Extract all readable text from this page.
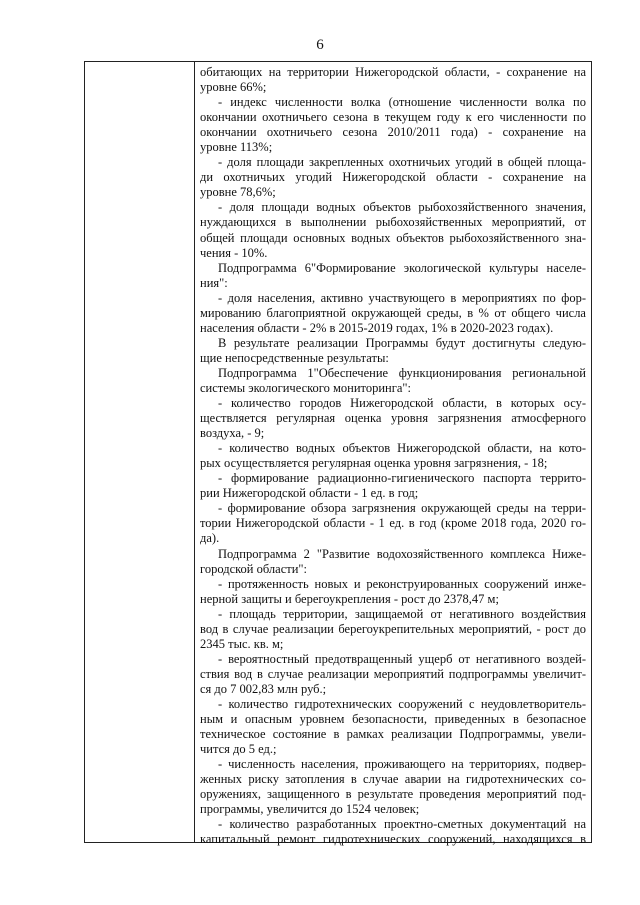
6
обитающих на территории Нижегородской области, - сохранение на
уровне 66%;
- индекс численности волка (отношение численности волка по
окончании охотничьего сезона в текущем году к его численности по
окончании охотничьего сезона 2010/2011 года) - сохранение на
уровне 113%;
- доля площади закрепленных охотничьих угодий в общей площа-
ди охотничьих угодий Нижегородской области - сохранение на
уровне 78,6%;
- доля площади водных объектов рыбохозяйственного значения,
нуждающихся в выполнении рыбохозяйственных мероприятий, от
общей площади основных водных объектов рыбохозяйственного зна-
чения - 10%.
Подпрограмма 6"Формирование экологической культуры населе-
ния":
- доля населения, активно участвующего в мероприятиях по фор-
мированию благоприятной окружающей среды, в % от общего числа
населения области - 2% в 2015-2019 годах, 1% в 2020-2023 годах).
В результате реализации Программы будут достигнуты следую-
щие непосредственные результаты:
Подпрограмма 1"Обеспечение функционирования региональной
системы экологического мониторинга":
- количество городов Нижегородской области, в которых осу-
ществляется регулярная оценка уровня загрязнения атмосферного
воздуха, - 9;
- количество водных объектов Нижегородской области, на кото-
рых осуществляется регулярная оценка уровня загрязнения, - 18;
- формирование радиационно-гигиенического паспорта террито-
рии Нижегородской области - 1 ед. в год;
- формирование обзора загрязнения окружающей среды на терри-
тории Нижегородской области - 1 ед. в год (кроме 2018 года, 2020 го-
да).
Подпрограмма 2 "Развитие водохозяйственного комплекса Ниже-
городской области":
- протяженность новых и реконструированных сооружений инже-
нерной защиты и берегоукрепления - рост до 2378,47 м;
- площадь территории, защищаемой от негативного воздействия
вод в случае реализации берегоукрепительных мероприятий, - рост до
2345 тыс. кв. м;
- вероятностный предотвращенный ущерб от негативного воздей-
ствия вод в случае реализации мероприятий подпрограммы увеличит-
ся до 7 002,83 млн руб.;
- количество гидротехнических сооружений с неудовлетворитель-
ным и опасным уровнем безопасности, приведенных в безопасное
техническое состояние в рамках реализации Подпрограммы, увели-
чится до 5 ед.;
- численность населения, проживающего на территориях, подвер-
женных риску затопления в случае аварии на гидротехнических со-
оружениях, защищенного в результате проведения мероприятий под-
программы, увеличится до 1524 человек;
- количество разработанных проектно-сметных документаций на
капитальный ремонт гидротехнических сооружений, находящихся в
